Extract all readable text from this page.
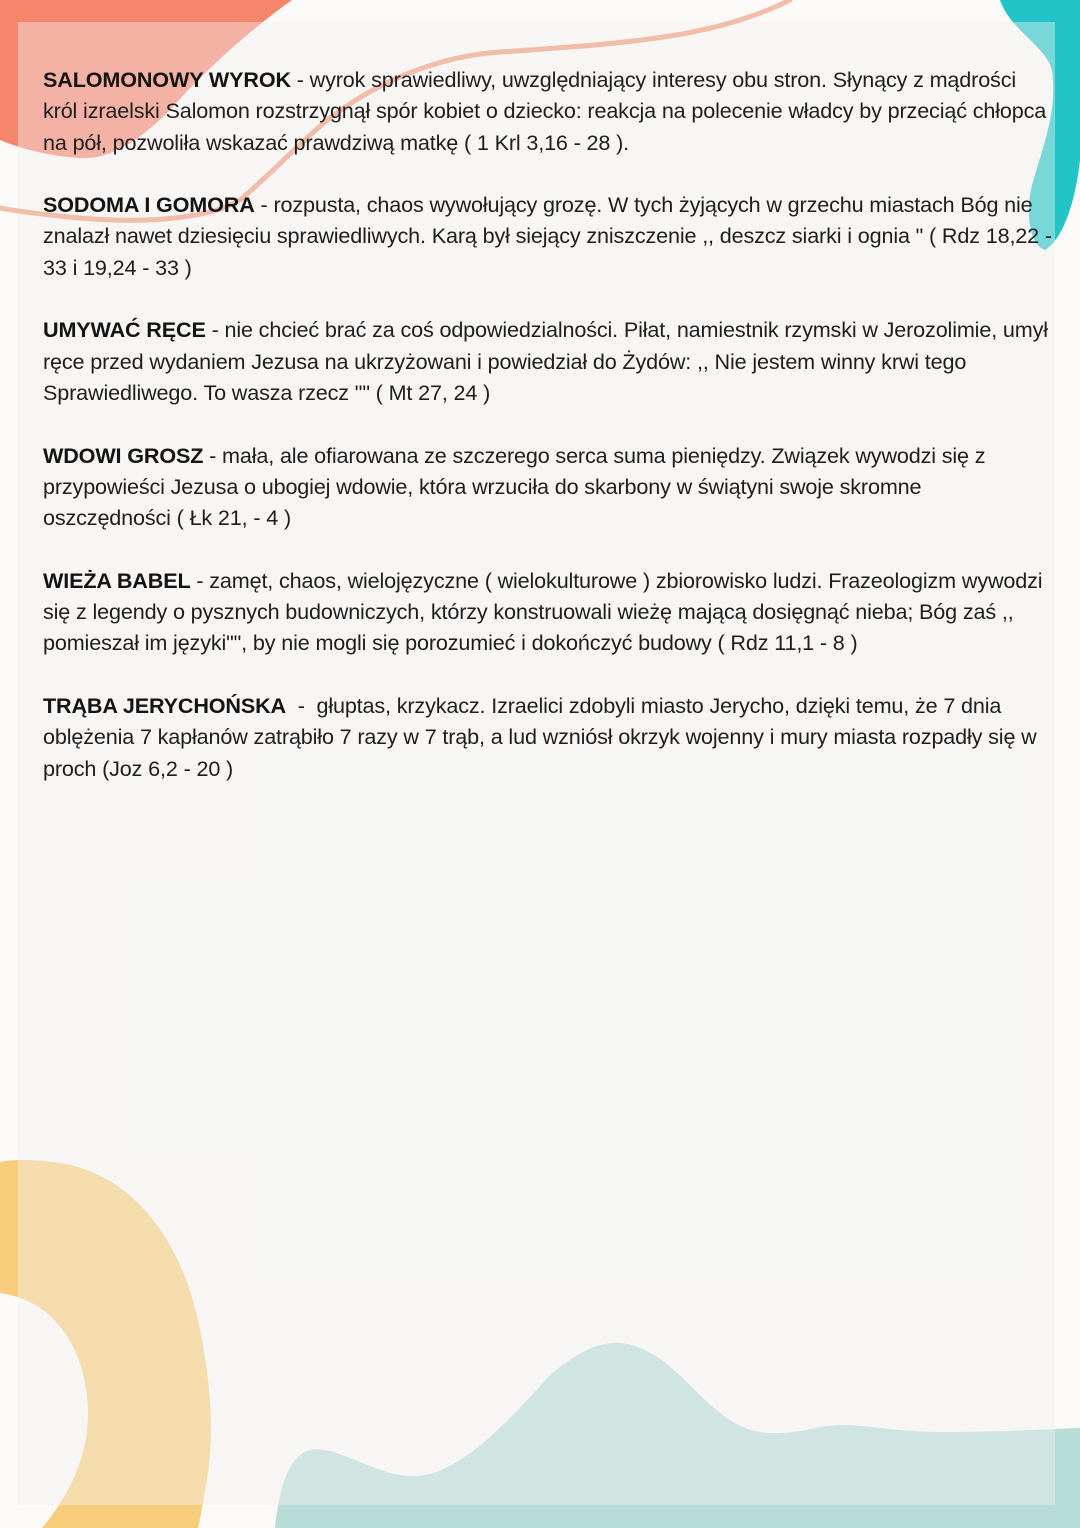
SALOMONOWY WYROK - wyrok sprawiedliwy, uwzględniający interesy obu stron. Słynący z mądrości król izraelski Salomon rozstrzygnął spór kobiet o dziecko: reakcja na polecenie władcy by przeciąć chłopca na pół, pozwoliła wskazać prawdziwą matkę ( 1 Krl 3,16 - 28 ).

SODOMA I GOMORA - rozpusta, chaos wywołujący grozę. W tych żyjących w grzechu miastach Bóg nie znalazł nawet dziesięciu sprawiedliwych. Karą był siejący zniszczenie ,, deszcz siarki i ognia " ( Rdz 18,22 - 33 i 19,24 - 33 )

UMYWAĆ RĘCE - nie chcieć brać za coś odpowiedzialności. Piłat, namiestnik rzymski w Jerozolimie, umył ręce przed wydaniem Jezusa na ukrzyżowani i powiedział do Żydów: ,, Nie jestem winny krwi tego Sprawiedliwego. To wasza rzecz "" ( Mt 27, 24 )

WDOWI GROSZ - mała, ale ofiarowana ze szczerego serca suma pieniędzy. Związek wywodzi się z przypowieści Jezusa o ubogiej wdowie, która wrzuciła do skarbony w świątyni swoje skromne oszczędności ( Łk 21, - 4 )

WIEŻA BABEL - zamęt, chaos, wielojęzyczne ( wielokulturowe ) zbiorowisko ludzi. Frazeologizm wywodzi się z legendy o pysznych budowniczych, którzy konstruowali wieżę mającą dosięgnąć nieba; Bóg zaś ,, pomieszał im języki"", by nie mogli się porozumieć i dokończyć budowy ( Rdz 11,1 - 8 )

TRĄBA JERYCHOŃSKA  -  głuptas, krzykacz. Izraelici zdobyli miasto Jerycho, dzięki temu, że 7 dnia oblężenia 7 kapłanów zatrąbiło 7 razy w 7 trąb, a lud wzniósł okrzyk wojenny i mury miasta rozpadły się w proch (Joz 6,2 - 20 )
